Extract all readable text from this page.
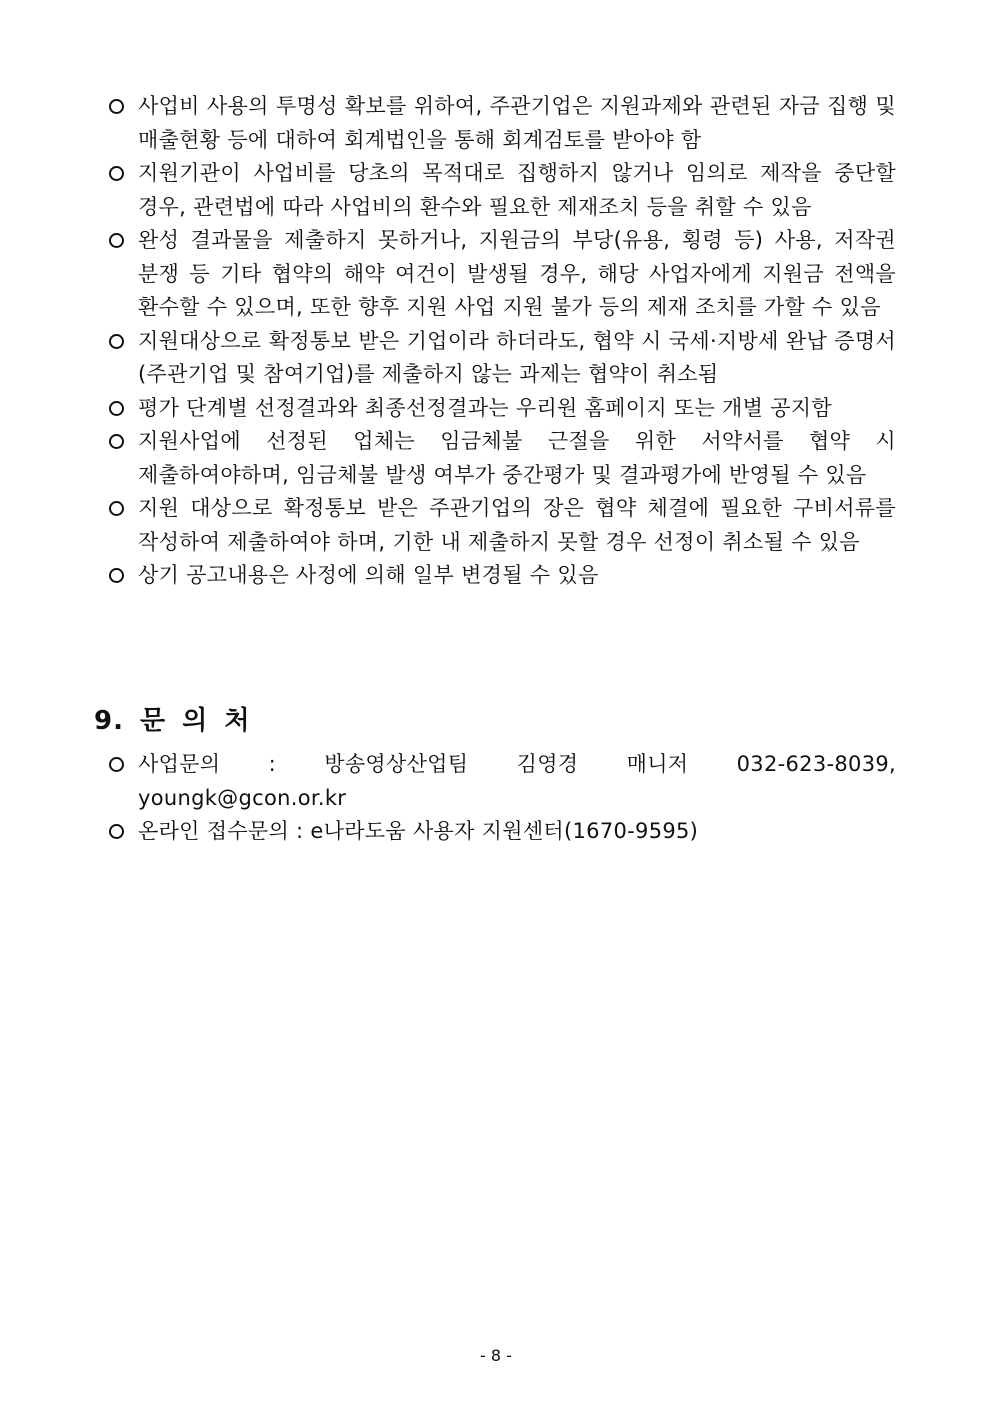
사업비 사용의 투명성 확보를 위하여, 주관기업은 지원과제와 관련된 자금 집행 및 매출현황 등에 대하여 회계법인을 통해 회계검토를 받아야 함
지원기관이 사업비를 당초의 목적대로 집행하지 않거나 임의로 제작을 중단할 경우, 관련법에 따라 사업비의 환수와 필요한 제재조치 등을 취할 수 있음
완성 결과물을 제출하지 못하거나, 지원금의 부당(유용, 횡령 등) 사용, 저작권 분쟁 등 기타 협약의 해약 여건이 발생될 경우, 해당 사업자에게 지원금 전액을 환수할 수 있으며, 또한 향후 지원 사업 지원 불가 등의 제재 조치를 가할 수 있음
지원대상으로 확정통보 받은 기업이라 하더라도, 협약 시 국세·지방세 완납 증명서(주관기업 및 참여기업)를 제출하지 않는 과제는 협약이 취소됨
평가 단계별 선정결과와 최종선정결과는 우리원 홈페이지 또는 개별 공지함
지원사업에 선정된 업체는 임금체불 근절을 위한 서약서를 협약 시 제출하여야하며, 임금체불 발생 여부가 중간평가 및 결과평가에 반영될 수 있음
지원 대상으로 확정통보 받은 주관기업의 장은 협약 체결에 필요한 구비서류를 작성하여 제출하여야 하며, 기한 내 제출하지 못할 경우 선정이 취소될 수 있음
상기 공고내용은 사정에 의해 일부 변경될 수 있음
9. 문 의 처
사업문의 : 방송영상산업팀 김영경 매니저 032-623-8039, youngk@gcon.or.kr
온라인 접수문의 : e나라도움 사용자 지원센터(1670-9595)
- 8 -
